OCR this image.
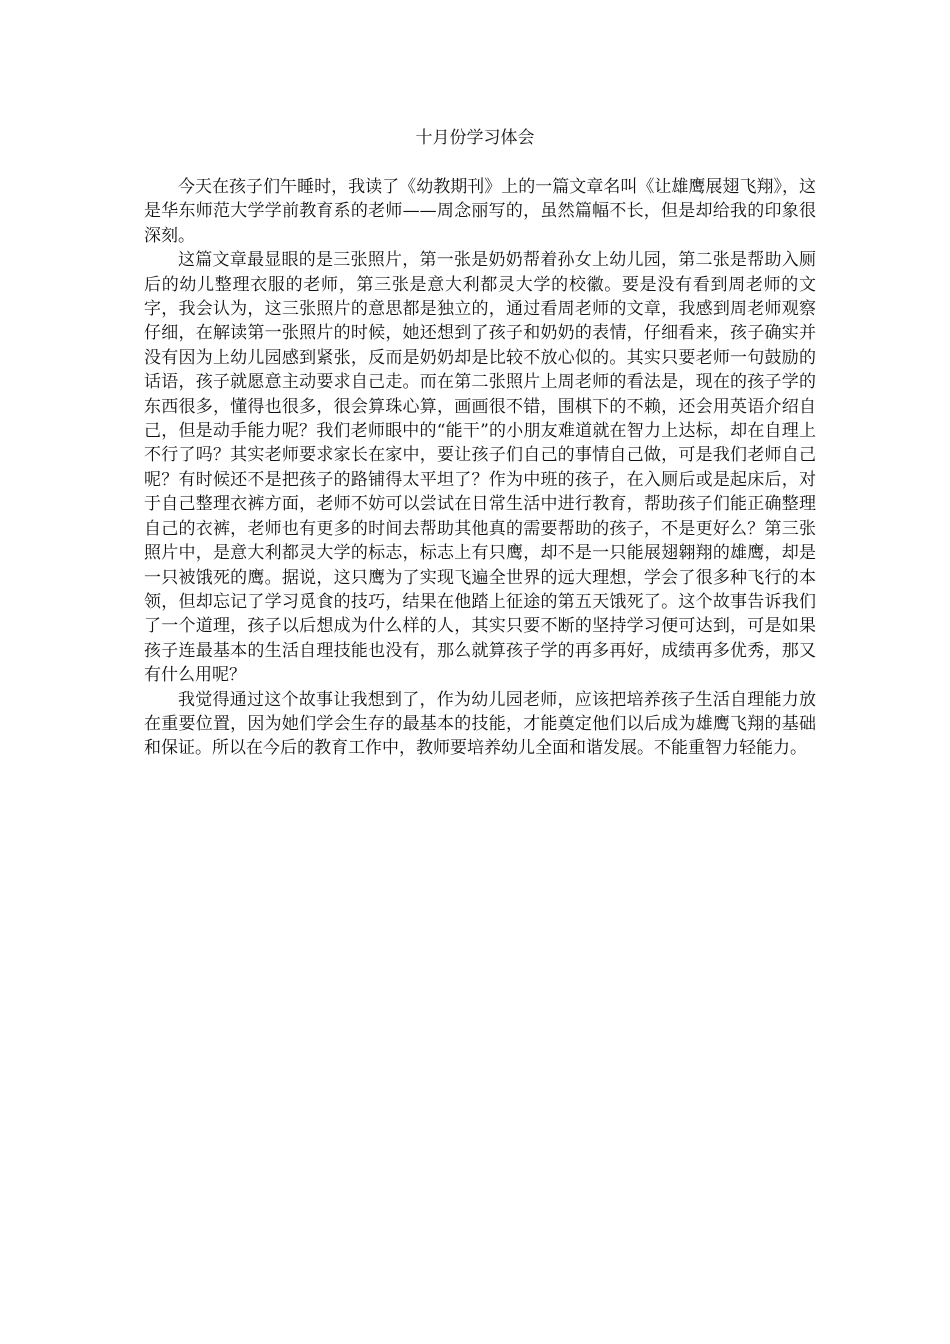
十月份学习体会

今天在孩子们午睡时，我读了《幼教期刊》上的一篇文章名叫《让雄鹰展翅飞翔》，这是华东师范大学学前教育系的老师——周念丽写的，虽然篇幅不长，但是却给我的印象很深刻。

这篇文章最显眼的是三张照片，第一张是奶奶帮着孙女上幼儿园，第二张是帮助入厕后的幼儿整理衣服的老师，第三张是意大利都灵大学的校徽。要是没有看到周老师的文字，我会认为，这三张照片的意思都是独立的，通过看周老师的文章，我感到周老师观察仔细，在解读第一张照片的时候，她还想到了孩子和奶奶的表情，仔细看来，孩子确实并没有因为上幼儿园感到紧张，反而是奶奶却是比较不放心似的。其实只要老师一句鼓励的话语，孩子就愿意主动要求自己走。而在第二张照片上周老师的看法是，现在的孩子学的东西很多，懂得也很多，很会算珠心算，画画很不错，围棋下的不赖，还会用英语介绍自己，但是动手能力呢？我们老师眼中的“能干”的小朋友难道就在智力上达标，却在自理上不行了吗？其实老师要求家长在家中，要让孩子们自己的事情自己做，可是我们老师自己呢？有时候还不是把孩子的路铺得太平坦了？作为中班的孩子，在入厕后或是起床后，对于自己整理衣裤方面，老师不妨可以尝试在日常生活中进行教育，帮助孩子们能正确整理自己的衣裤，老师也有更多的时间去帮助其他真的需要帮助的孩子，不是更好么？第三张照片中，是意大利都灵大学的标志，标志上有只鹰，却不是一只能展翅翱翔的雄鹰，却是一只被饿死的鹰。据说，这只鹰为了实现飞遍全世界的远大理想，学会了很多种飞行的本领，但却忘记了学习觅食的技巧，结果在他踏上征途的第五天饿死了。这个故事告诉我们了一个道理，孩子以后想成为什么样的人，其实只要不断的坚持学习便可达到，可是如果孩子连最基本的生活自理技能也没有，那么就算孩子学的再多再好，成绩再多优秀，那又有什么用呢？

我觉得通过这个故事让我想到了，作为幼儿园老师，应该把培养孩子生活自理能力放在重要位置，因为她们学会生存的最基本的技能，才能奠定他们以后成为雄鹰飞翔的基础和保证。所以在今后的教育工作中，教师要培养幼儿全面和谐发展。不能重智力轻能力。
